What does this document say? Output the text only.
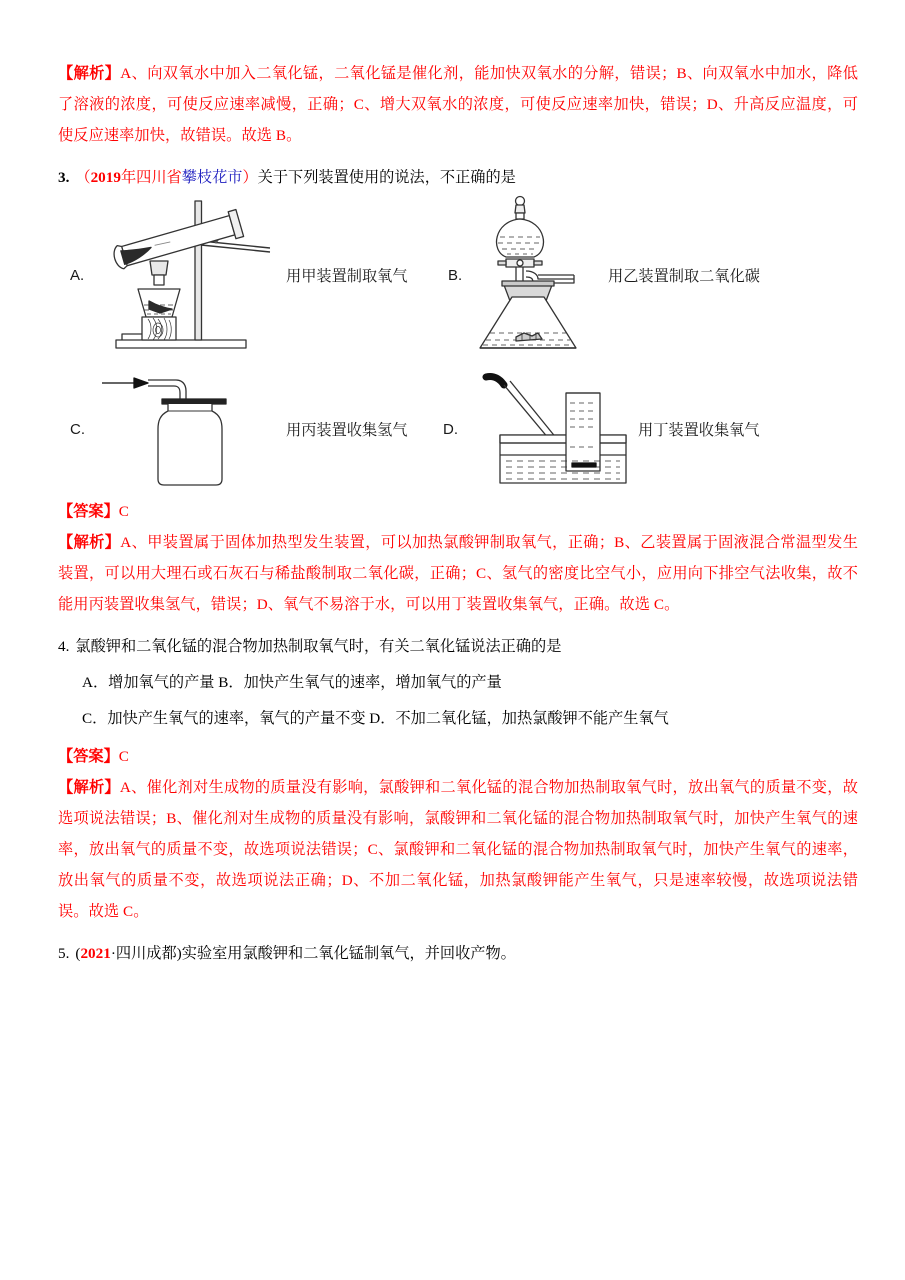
【解析】A、向双氧水中加入二氧化锰，二氧化锰是催化剂，能加快双氧水的分解，错误；B、向双氧水中加水，降低了溶液的浓度，可使反应速率减慢，正确；C、增大双氧水的浓度，可使反应速率加快，错误；D、升高反应温度，可使反应速率加快，故错误。故选 B。
3. （2019年四川省攀枝花市）关于下列装置使用的说法，不正确的是
A.	用甲装置制取氧气	B.	用乙装置制取二氧化碳
C.	用丙装置收集氢气 D.	用丁装置收集氧气
【答案】C
【解析】A、甲装置属于固体加热型发生装置，可以加热氯酸钾制取氧气，正确；B、乙装置属于固液混合常温型发生装置，可以用大理石或石灰石与稀盐酸制取二氧化碳，正确；C、氢气的密度比空气小，应用向下排空气法收集，故不能用丙装置收集氢气，错误；D、氧气不易溶于水，可以用丁装置收集氧气，正确。故选 C。
4. 氯酸钾和二氧化锰的混合物加热制取氧气时，有关二氧化锰说法正确的是
A．增加氧气的产量 B．加快产生氧气的速率，增加氧气的产量
C．加快产生氧气的速率，氧气的产量不变 D．不加二氧化锰，加热氯酸钾不能产生氧气
【答案】C
【解析】A、催化剂对生成物的质量没有影响，氯酸钾和二氧化锰的混合物加热制取氧气时，放出氧气的质量不变，故选项说法错误；B、催化剂对生成物的质量没有影响，氯酸钾和二氧化锰的混合物加热制取氧气时，加快产生氧气的速率，放出氧气的质量不变，故选项说法错误；C、氯酸钾和二氧化锰的混合物加热制取氧气时，加快产生氧气的速率，放出氧气的质量不变，故选项说法正确；D、不加二氧化锰，加热氯酸钾能产生氧气，只是速率较慢，故选项说法错误。故选 C。
5. (2021·四川成都)实验室用氯酸钾和二氧化锰制氧气，并回收产物。
